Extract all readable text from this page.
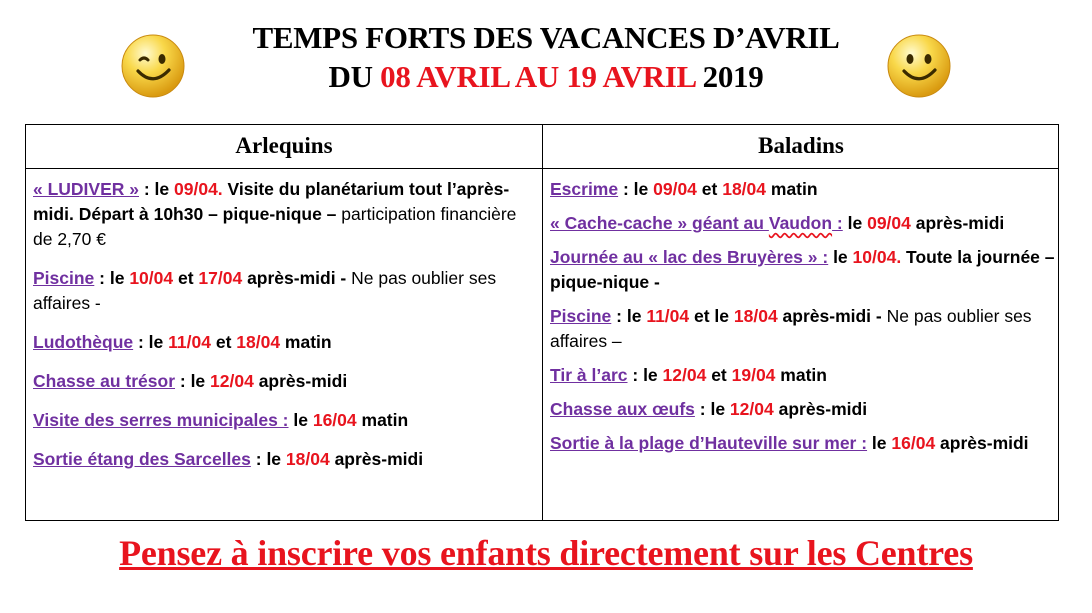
TEMPS FORTS DES VACANCES D’AVRIL
DU 08 AVRIL AU 19 AVRIL 2019
Arlequins	Baladins

« LUDIVER » : le 09/04. Visite du planétarium tout l’après-midi. Départ à 10h30 – pique-nique – participation financière de 2,70 €

Piscine : le 10/04 et 17/04 après-midi - Ne pas oublier ses affaires -

Ludothèque : le 11/04 et 18/04 matin

Chasse au trésor : le 12/04 après-midi

Visite des serres municipales : le 16/04 matin

Sortie étang des Sarcelles : le 18/04 après-midi

Escrime : le 09/04 et 18/04 matin

« Cache-cache » géant au Vaudon : le 09/04 après-midi

Journée au « lac des Bruyères » : le 10/04. Toute la journée – pique-nique -

Piscine : le 11/04 et le 18/04 après-midi - Ne pas oublier ses affaires –

Tir à l’arc : le 12/04 et 19/04 matin

Chasse aux œufs : le 12/04 après-midi

Sortie à la plage d’Hauteville sur mer : le 16/04 après-midi

Pensez à inscrire vos enfants directement sur les Centres
